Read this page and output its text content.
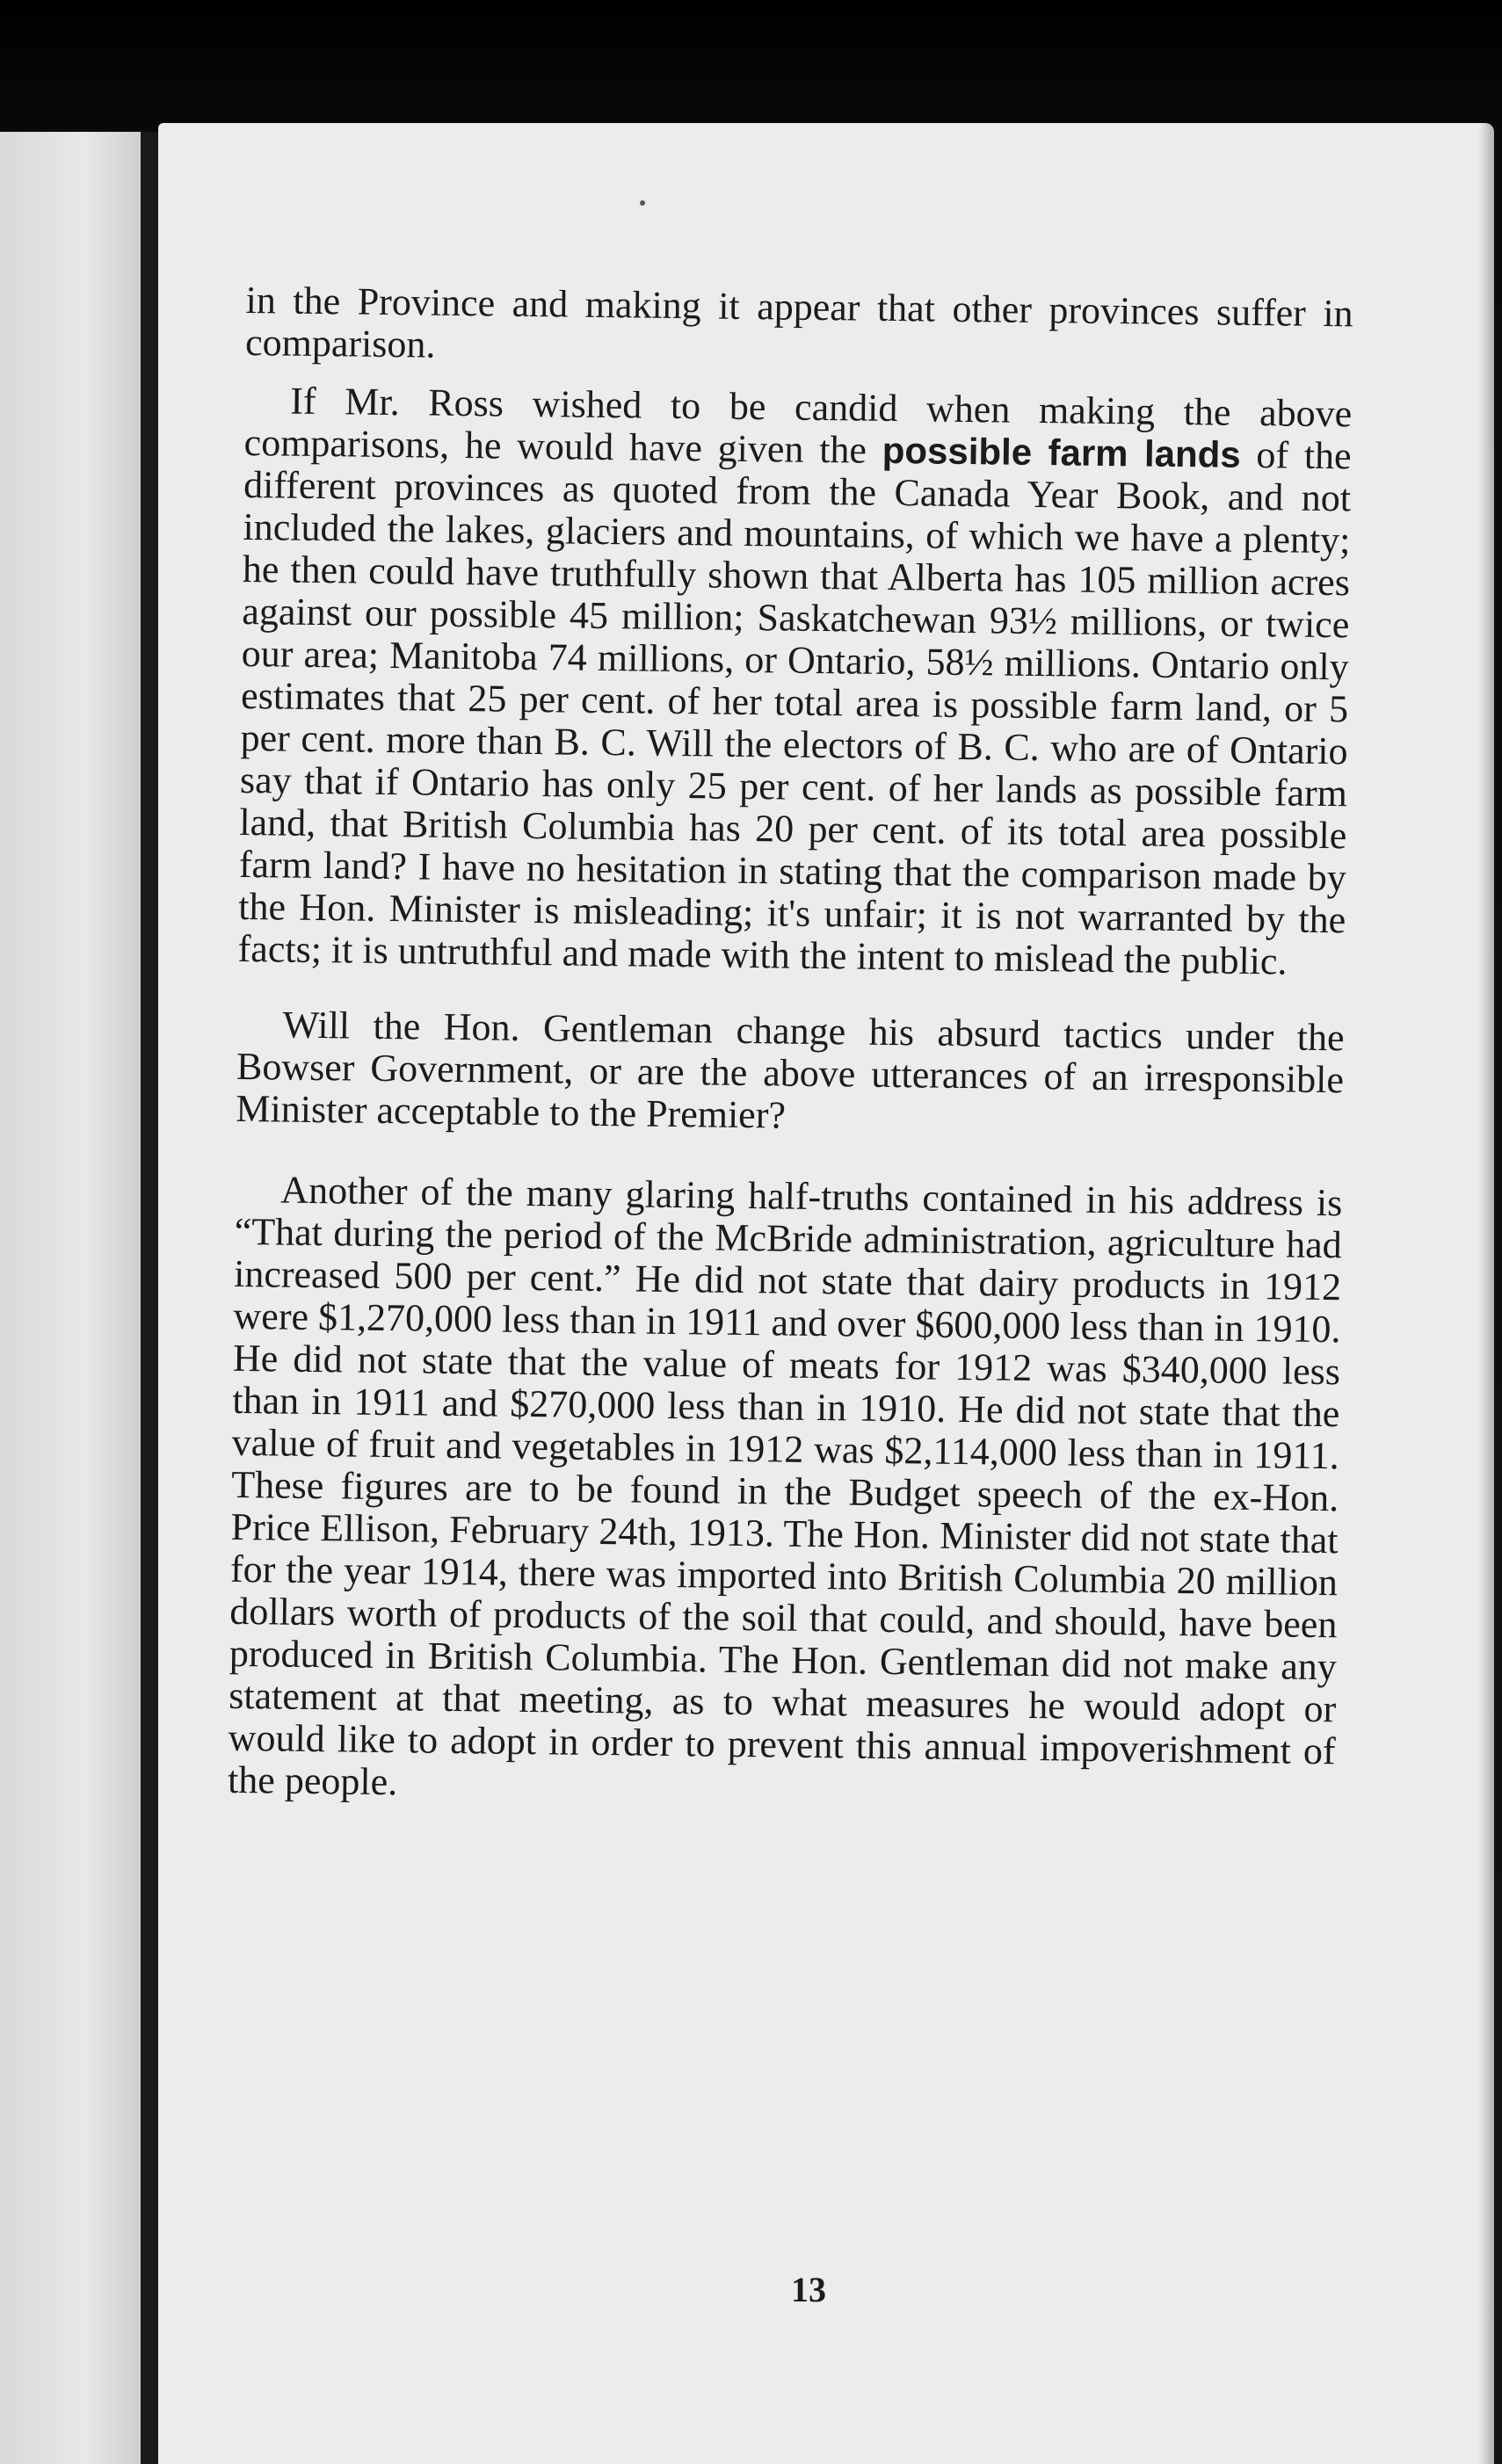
in the Province and making it appear that other provinces suffer in comparison.

If Mr. Ross wished to be candid when making the above comparisons, he would have given the possible farm lands of the different provinces as quoted from the Canada Year Book, and not included the lakes, glaciers and mountains, of which we have a plenty; he then could have truthfully shown that Alberta has 105 million acres against our possible 45 million; Saskatchewan 93½ millions, or twice our area; Manitoba 74 millions, or Ontario, 58½ millions. Ontario only estimates that 25 per cent. of her total area is possible farm land, or 5 per cent. more than B. C. Will the electors of B. C. who are of Ontario say that if Ontario has only 25 per cent. of her lands as possible farm land, that British Columbia has 20 per cent. of its total area possible farm land? I have no hesitation in stating that the comparison made by the Hon. Minister is misleading; it's unfair; it is not warranted by the facts; it is untruthful and made with the intent to mislead the public.

Will the Hon. Gentleman change his absurd tactics under the Bowser Government, or are the above utterances of an irresponsible Minister acceptable to the Premier?

Another of the many glaring half-truths contained in his address is “That during the period of the McBride administration, agriculture had increased 500 per cent.” He did not state that dairy products in 1912 were $1,270,000 less than in 1911 and over $600,000 less than in 1910. He did not state that the value of meats for 1912 was $340,000 less than in 1911 and $270,000 less than in 1910. He did not state that the value of fruit and vegetables in 1912 was $2,114,000 less than in 1911. These figures are to be found in the Budget speech of the ex-Hon. Price Ellison, February 24th, 1913. The Hon. Minister did not state that for the year 1914, there was imported into British Columbia 20 million dollars worth of products of the soil that could, and should, have been produced in British Columbia. The Hon. Gentleman did not make any statement at that meeting, as to what measures he would adopt or would like to adopt in order to prevent this annual impoverishment of the people.

13
